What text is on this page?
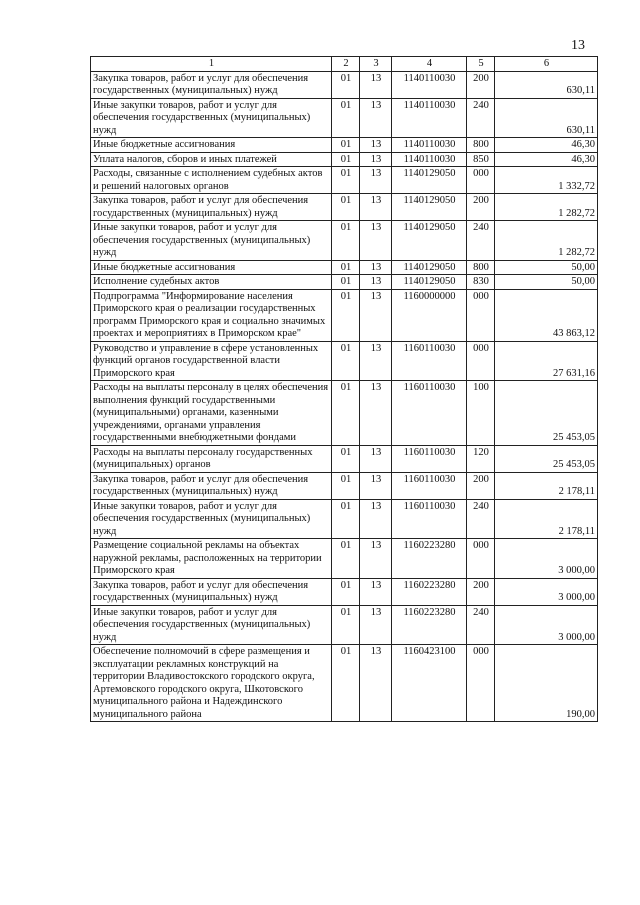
13
1	2	3	4	5	6
Закупка товаров, работ и услуг для обеспечения государственных (муниципальных) нужд	01	13	1140110030	200	630,11
Иные закупки товаров, работ и услуг для обеспечения государственных (муниципальных) нужд	01	13	1140110030	240	630,11
Иные бюджетные ассигнования	01	13	1140110030	800	46,30
Уплата налогов, сборов и иных платежей	01	13	1140110030	850	46,30
Расходы, связанные с исполнением судебных актов и решений налоговых органов	01	13	1140129050	000	1 332,72
Закупка товаров, работ и услуг для обеспечения государственных (муниципальных) нужд	01	13	1140129050	200	1 282,72
Иные закупки товаров, работ и услуг для обеспечения государственных (муниципальных) нужд	01	13	1140129050	240	1 282,72
Иные бюджетные ассигнования	01	13	1140129050	800	50,00
Исполнение судебных актов	01	13	1140129050	830	50,00
Подпрограмма "Информирование населения Приморского края о реализации государственных программ Приморского края и социально значимых проектах и мероприятиях в Приморском крае"	01	13	1160000000	000	43 863,12
Руководство и управление в сфере установленных функций органов государственной власти Приморского края	01	13	1160110030	000	27 631,16
Расходы на выплаты персоналу в целях обеспечения выполнения функций государственными (муниципальными) органами, казенными учреждениями, органами управления государственными внебюджетными фондами	01	13	1160110030	100	25 453,05
Расходы на выплаты персоналу государственных (муниципальных) органов	01	13	1160110030	120	25 453,05
Закупка товаров, работ и услуг для обеспечения государственных (муниципальных) нужд	01	13	1160110030	200	2 178,11
Иные закупки товаров, работ и услуг для обеспечения государственных (муниципальных) нужд	01	13	1160110030	240	2 178,11
Размещение социальной рекламы на объектах наружной рекламы, расположенных на территории Приморского края	01	13	1160223280	000	3 000,00
Закупка товаров, работ и услуг для обеспечения государственных (муниципальных) нужд	01	13	1160223280	200	3 000,00
Иные закупки товаров, работ и услуг для обеспечения государственных (муниципальных) нужд	01	13	1160223280	240	3 000,00
Обеспечение полномочий в сфере размещения и эксплуатации рекламных конструкций на территории Владивостокского городского округа, Артемовского городского округа, Шкотовского муниципального района и Надеждинского муниципального района	01	13	1160423100	000	190,00
